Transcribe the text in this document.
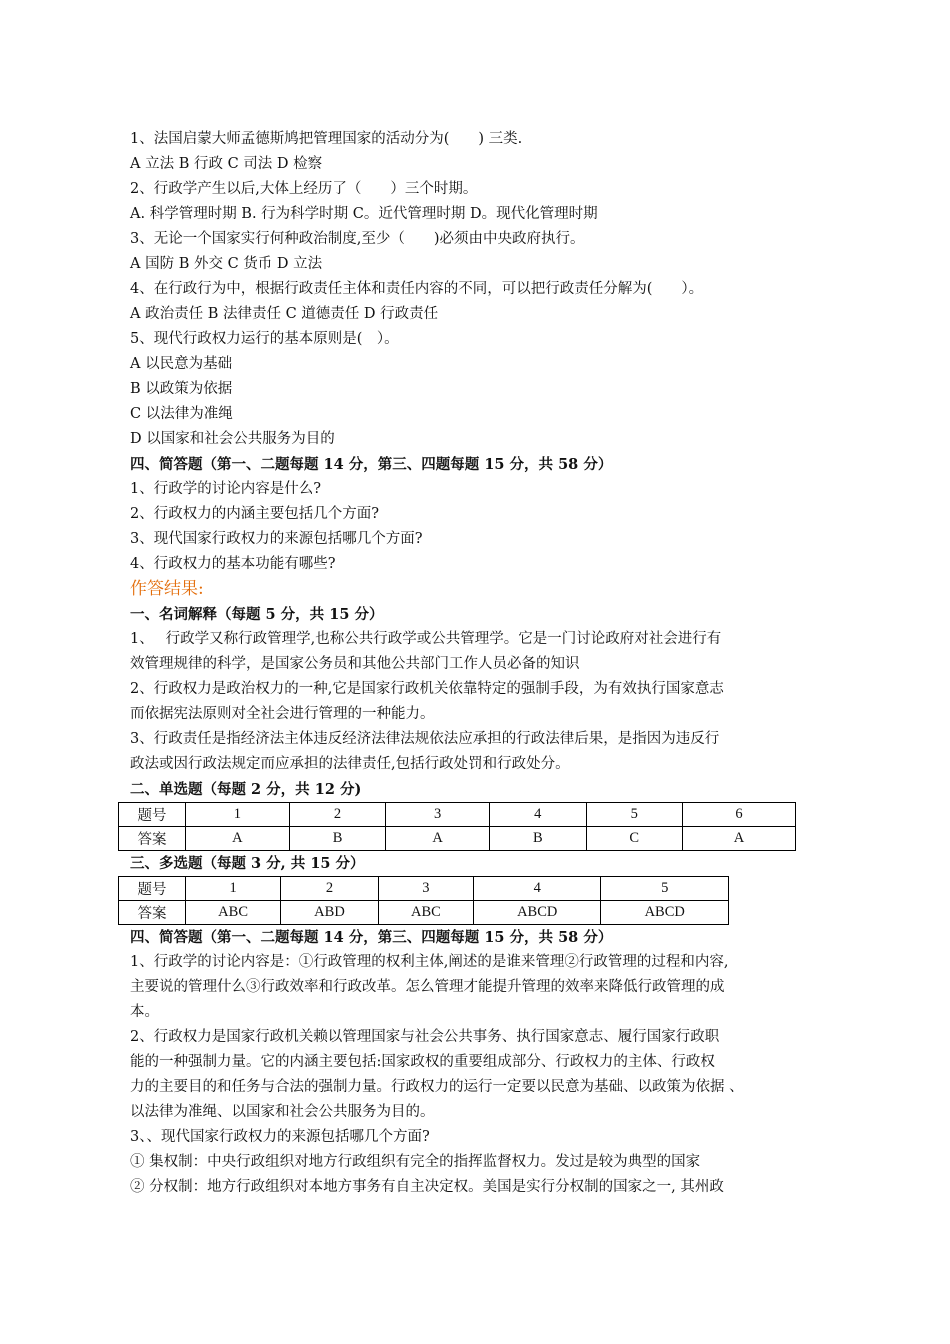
1、法国启蒙大师孟德斯鸠把管理国家的活动分为(　　) 三类.
A 立法 B 行政 C 司法 D 检察
2、行政学产生以后,大体上经历了（　　）三个时期。
A. 科学管理时期 B. 行为科学时期 C。近代管理时期 D。现代化管理时期
3、无论一个国家实行何种政治制度,至少（　　)必须由中央政府执行。
A 国防 B 外交 C 货币 D 立法
4、在行政行为中，根据行政责任主体和责任内容的不同，可以把行政责任分解为(　　）。
A 政治责任 B 法律责任 C 道德责任 D 行政责任
5、现代行政权力运行的基本原则是(　）。
A 以民意为基础
B 以政策为依据
C 以法律为准绳
D 以国家和社会公共服务为目的
四、简答题（第一、二题每题 14 分，第三、四题每题 15 分，共 58 分）
1、行政学的讨论内容是什么?
2、行政权力的内涵主要包括几个方面?
3、现代国家行政权力的来源包括哪几个方面?
4、行政权力的基本功能有哪些?
作答结果:
一、名词解释（每题 5 分，共 15 分）
1、　 行政学又称行政管理学,也称公共行政学或公共管理学。它是一门讨论政府对社会进行有
效管理规律的科学，是国家公务员和其他公共部门工作人员必备的知识
2、行政权力是政治权力的一种,它是国家行政机关依靠特定的强制手段，为有效执行国家意志
而依据宪法原则对全社会进行管理的一种能力。
3、行政责任是指经济法主体违反经济法律法规依法应承担的行政法律后果，是指因为违反行
政法或因行政法规定而应承担的法律责任,包括行政处罚和行政处分。
二、单选题（每题 2 分，共 12 分)
题号	1	2	3	4	5	6
答案	A	B	A	B	C	A
三、多选题（每题 3 分, 共 15 分）
题号	1	2	3	4	5
答案	ABC	ABD	ABC	ABCD	ABCD
四、简答题（第一、二题每题 14 分，第三、四题每题 15 分，共 58 分）
1、行政学的讨论内容是：①行政管理的权利主体,阐述的是谁来管理②行政管理的过程和内容,
主要说的管理什么③行政效率和行政改革。怎么管理才能提升管理的效率来降低行政管理的成
本。
2、行政权力是国家行政机关赖以管理国家与社会公共事务、执行国家意志、履行国家行政职
能的一种强制力量。它的内涵主要包括:国家政权的重要组成部分、行政权力的主体、行政权
力的主要目的和任务与合法的强制力量。行政权力的运行一定要以民意为基础、以政策为依据 、
以法律为准绳、以国家和社会公共服务为目的。
3、、现代国家行政权力的来源包括哪几个方面?
① 集权制：中央行政组织对地方行政组织有完全的指挥监督权力。发过是较为典型的国家
② 分权制：地方行政组织对本地方事务有自主决定权。美国是实行分权制的国家之一, 其州政
